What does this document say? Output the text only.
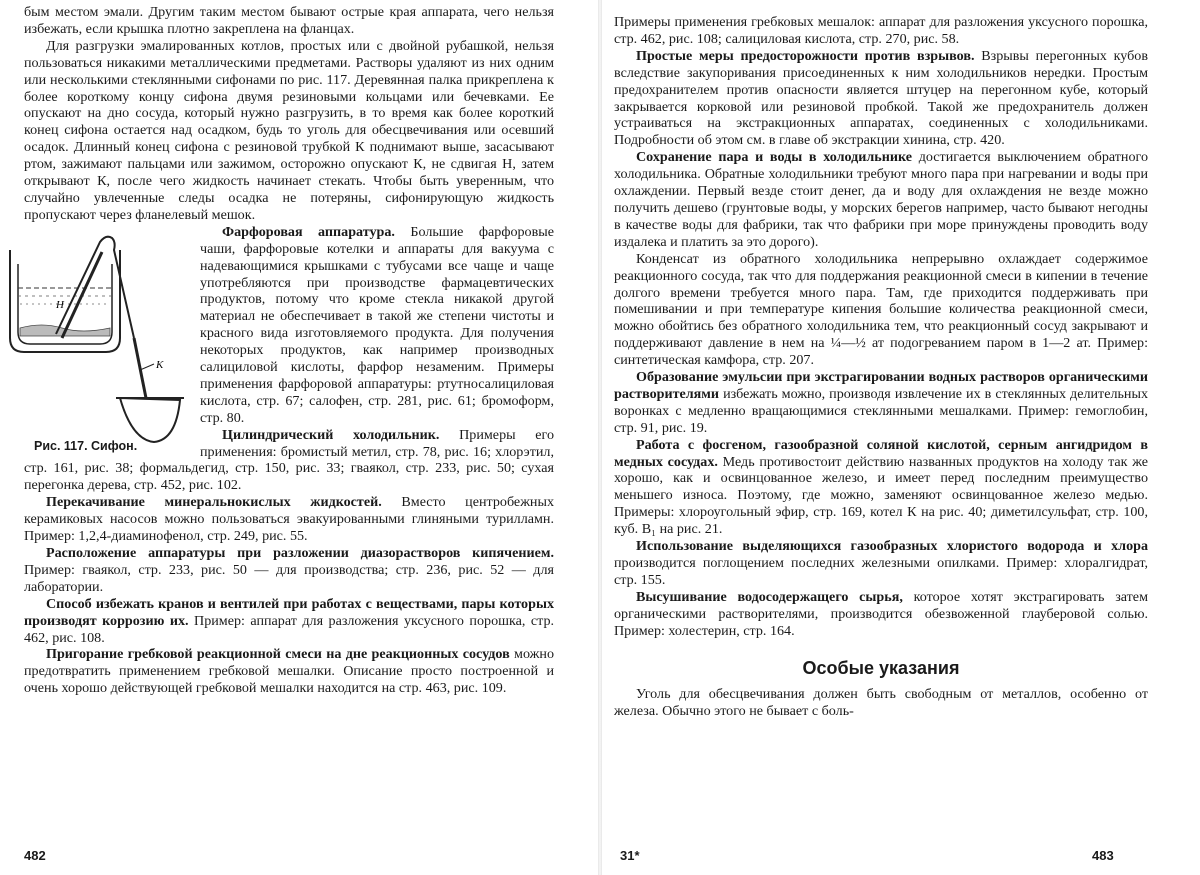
бым местом эмали. Другим таким местом бывают острые края аппарата, чего нельзя избежать, если крышка плотно закреплена на фланцах.

Для разгрузки эмалированных котлов, простых или с двойной рубашкой, нельзя пользоваться никакими металлическими предметами. Растворы удаляют из них одним или несколькими стеклянными сифонами по рис. 117. Деревянная палка прикреплена к более короткому концу сифона двумя резиновыми кольцами или бечевками. Ее опускают на дно сосуда, который нужно разгрузить, в то время как более короткий конец сифона остается над осадком, будь то уголь для обесцвечивания или осевший осадок. Длинный конец сифона с резиновой трубкой К поднимают выше, засасывают ртом, зажимают пальцами или зажимом, осторожно опускают К, не сдвигая Н, затем открывают К, после чего жидкость начинает стекать. Чтобы быть уверенным, что случайно увлеченные следы осадка не потеряны, сифонирующую жидкость пропускают через фланелевый мешок.

K
H
Рис. 117. Сифон.

Фарфоровая аппаратура. Большие фарфоровые чаши, фарфоровые котелки и аппараты для вакуума с надевающимися крышками с тубусами все чаще и чаще употребляются при производстве фармацевтических продуктов, потому что кроме стекла никакой другой материал не обеспечивает в такой же степени чистоты и красного вида изготовляемого продукта. Для получения некоторых продуктов, как например производных салициловой кислоты, фарфор незаменим. Примеры применения фарфоровой аппаратуры: ртутносалициловая кислота, стр. 67; салофен, стр. 281, рис. 61; бромоформ, стр. 80.

Цилиндрический холодильник. Примеры его применения: бромистый метил, стр. 78, рис. 16; хлорэтил, стр. 161, рис. 38; формальдегид, стр. 150, рис. 33; гваякол, стр. 233, рис. 50; сухая перегонка дерева, стр. 452, рис. 102.

Перекачивание минеральнокислых жидкостей. Вместо центробежных керамиковых насосов можно пользоваться эвакуированными глиняными турилламн. Пример: 1,2,4-диаминофенол, стр. 249, рис. 55.

Расположение аппаратуры при разложении диазорастворов кипячением. Пример: гваякол, стр. 233, рис. 50 — для производства; стр. 236, рис. 52 — для лаборатории.

Способ избежать кранов и вентилей при работах с веществами, пары которых производят коррозию их. Пример: аппарат для разложения уксусного порошка, стр. 462, рис. 108.

Пригорание гребковой реакционной смеси на дне реакционных сосудов можно предотвратить применением гребковой мешалки. Описание просто построенной и очень хорошо действующей гребковой мешалки находится на стр. 463, рис. 109.

482

Примеры применения гребковых мешалок: аппарат для разложения уксусного порошка, стр. 462, рис. 108; салициловая кислота, стр. 270, рис. 58.

Простые меры предосторожности против взрывов. Взрывы перегонных кубов вследствие закупоривания присоединенных к ним холодильников нередки. Простым предохранителем против опасности является штуцер на перегонном кубе, который закрывается корковой или резиновой пробкой. Такой же предохранитель должен устраиваться на экстракционных аппаратах, соединенных с холодильниками. Подробности об этом см. в главе об экстракции хинина, стр. 420.

Сохранение пара и воды в холодильнике достигается выключением обратного холодильника. Обратные холодильники требуют много пара при нагревании и воды при охлаждении. Первый везде стоит денег, да и воду для охлаждения не везде можно получить дешево (грунтовые воды, у морских берегов например, часто бывают негодны в качестве воды для фабрики, так что фабрики при море принуждены проводить воду издалека и платить за это дорого).

Конденсат из обратного холодильника непрерывно охлаждает содержимое реакционного сосуда, так что для поддержания реакционной смеси в кипении в течение долгого времени требуется много пара. Там, где приходится поддерживать при помешивании и при температуре кипения большие количества реакционной смеси, можно обойтись без обратного холодильника тем, что реакционный сосуд закрывают и поддерживают давление в нем на ¼—½ ат подогреванием паром в 1—2 ат. Пример: синтетическая камфора, стр. 207.

Образование эмульсии при экстрагировании водных растворов органическими растворителями избежать можно, производя извлечение их в стеклянных делительных воронках с медленно вращающимися стеклянными мешалками. Пример: гемоглобин, стр. 91, рис. 19.

Работа с фосгеном, газообразной соляной кислотой, серным ангидридом в медных сосудах. Медь противостоит действию названных продуктов на холоду так же хорошо, как и освинцованное железо, и имеет перед последним преимущество меньшего износа. Поэтому, где можно, заменяют освинцованное железо медью. Примеры: хлороугольный эфир, стр. 169, котел К на рис. 40; диметилсульфат, стр. 100, куб. B₁ на рис. 21.

Использование выделяющихся газообразных хлористого водорода и хлора производится поглощением последних железными опилками. Пример: хлоралгидрат, стр. 155.

Высушивание водосодержащего сырья, которое хотят экстрагировать затем органическими растворителями, производится обезвоженной глауберовой солью. Пример: холестерин, стр. 164.

Особые указания

Уголь для обесцвечивания должен быть свободным от металлов, особенно от железа. Обычно этого не бывает с боль-

31*	483
